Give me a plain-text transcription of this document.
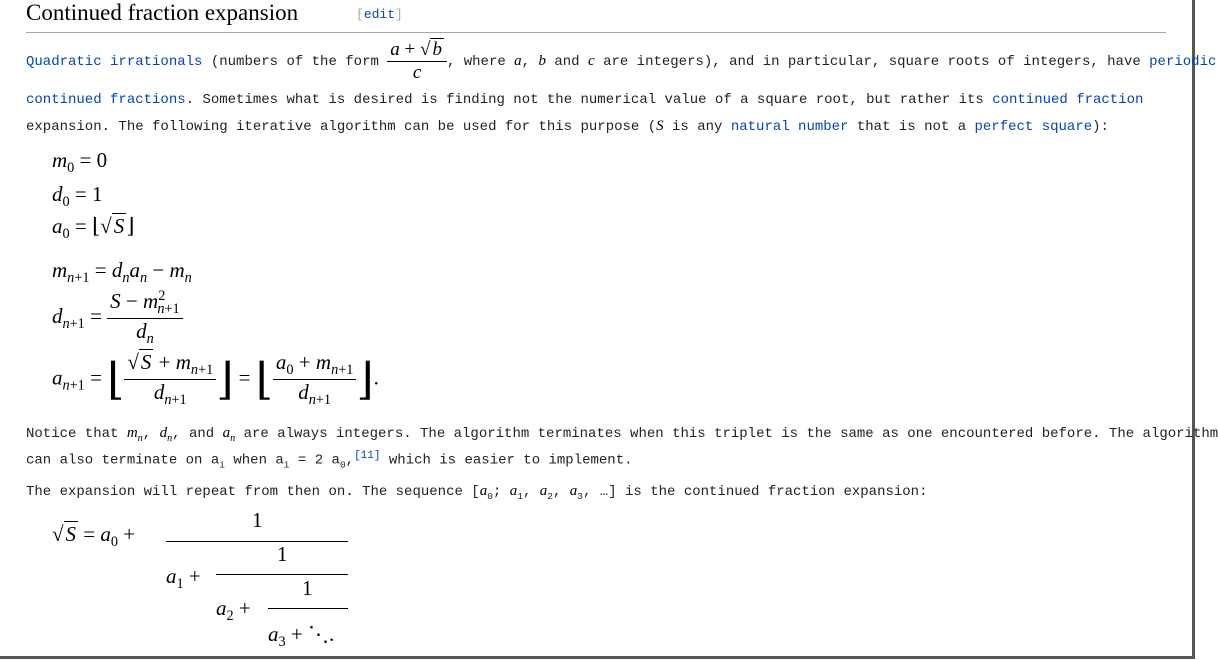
Continued fraction expansion	[edit]
Quadratic irrationals (numbers of the form $\frac{a + √ b}{c}$ , where a, b and c are integers), and in particular, square roots of integers, have periodic
continued fractions. Sometimes what is desired is finding not the numerical value of a square root, but rather its continued fraction
expansion. The following iterative algorithm can be used for this purpose (S is any natural number that is not a perfect square):
$m_0 = 0$
$d_0 = 1$
$a_0$ = ⌊√S⌋
$m_{n+1} = d_na_n - m_n$
$d_{n+1} = \frac{S - m^2_{n+1}}{d_n}$
$a_{n+1}$ = ⌊ $\frac{√S + m_{n+1}}{d_{n+1}}$ ⌋ = ⌊ $\frac{a_0 + m_{n+1}}{d_{n+1}}$ ⌋.
Notice that $m_n$, $d_n$, and $a_n$ are always integers. The algorithm terminates when this triplet is the same as one encountered before. The algorithm
can also terminate on $a_i$ when $a_i = 2$ $a_0,[11]$ which is easier to implement.
The expansion will repeat from then on. The sequence [$a_0$; $a_1$, $a_2$, $a_3$, …] is the continued fraction expansion:
$√S = a_0$ +
1
$a_1$ +
1
$a_2$ +
1
$a_3$ + ⋱.
